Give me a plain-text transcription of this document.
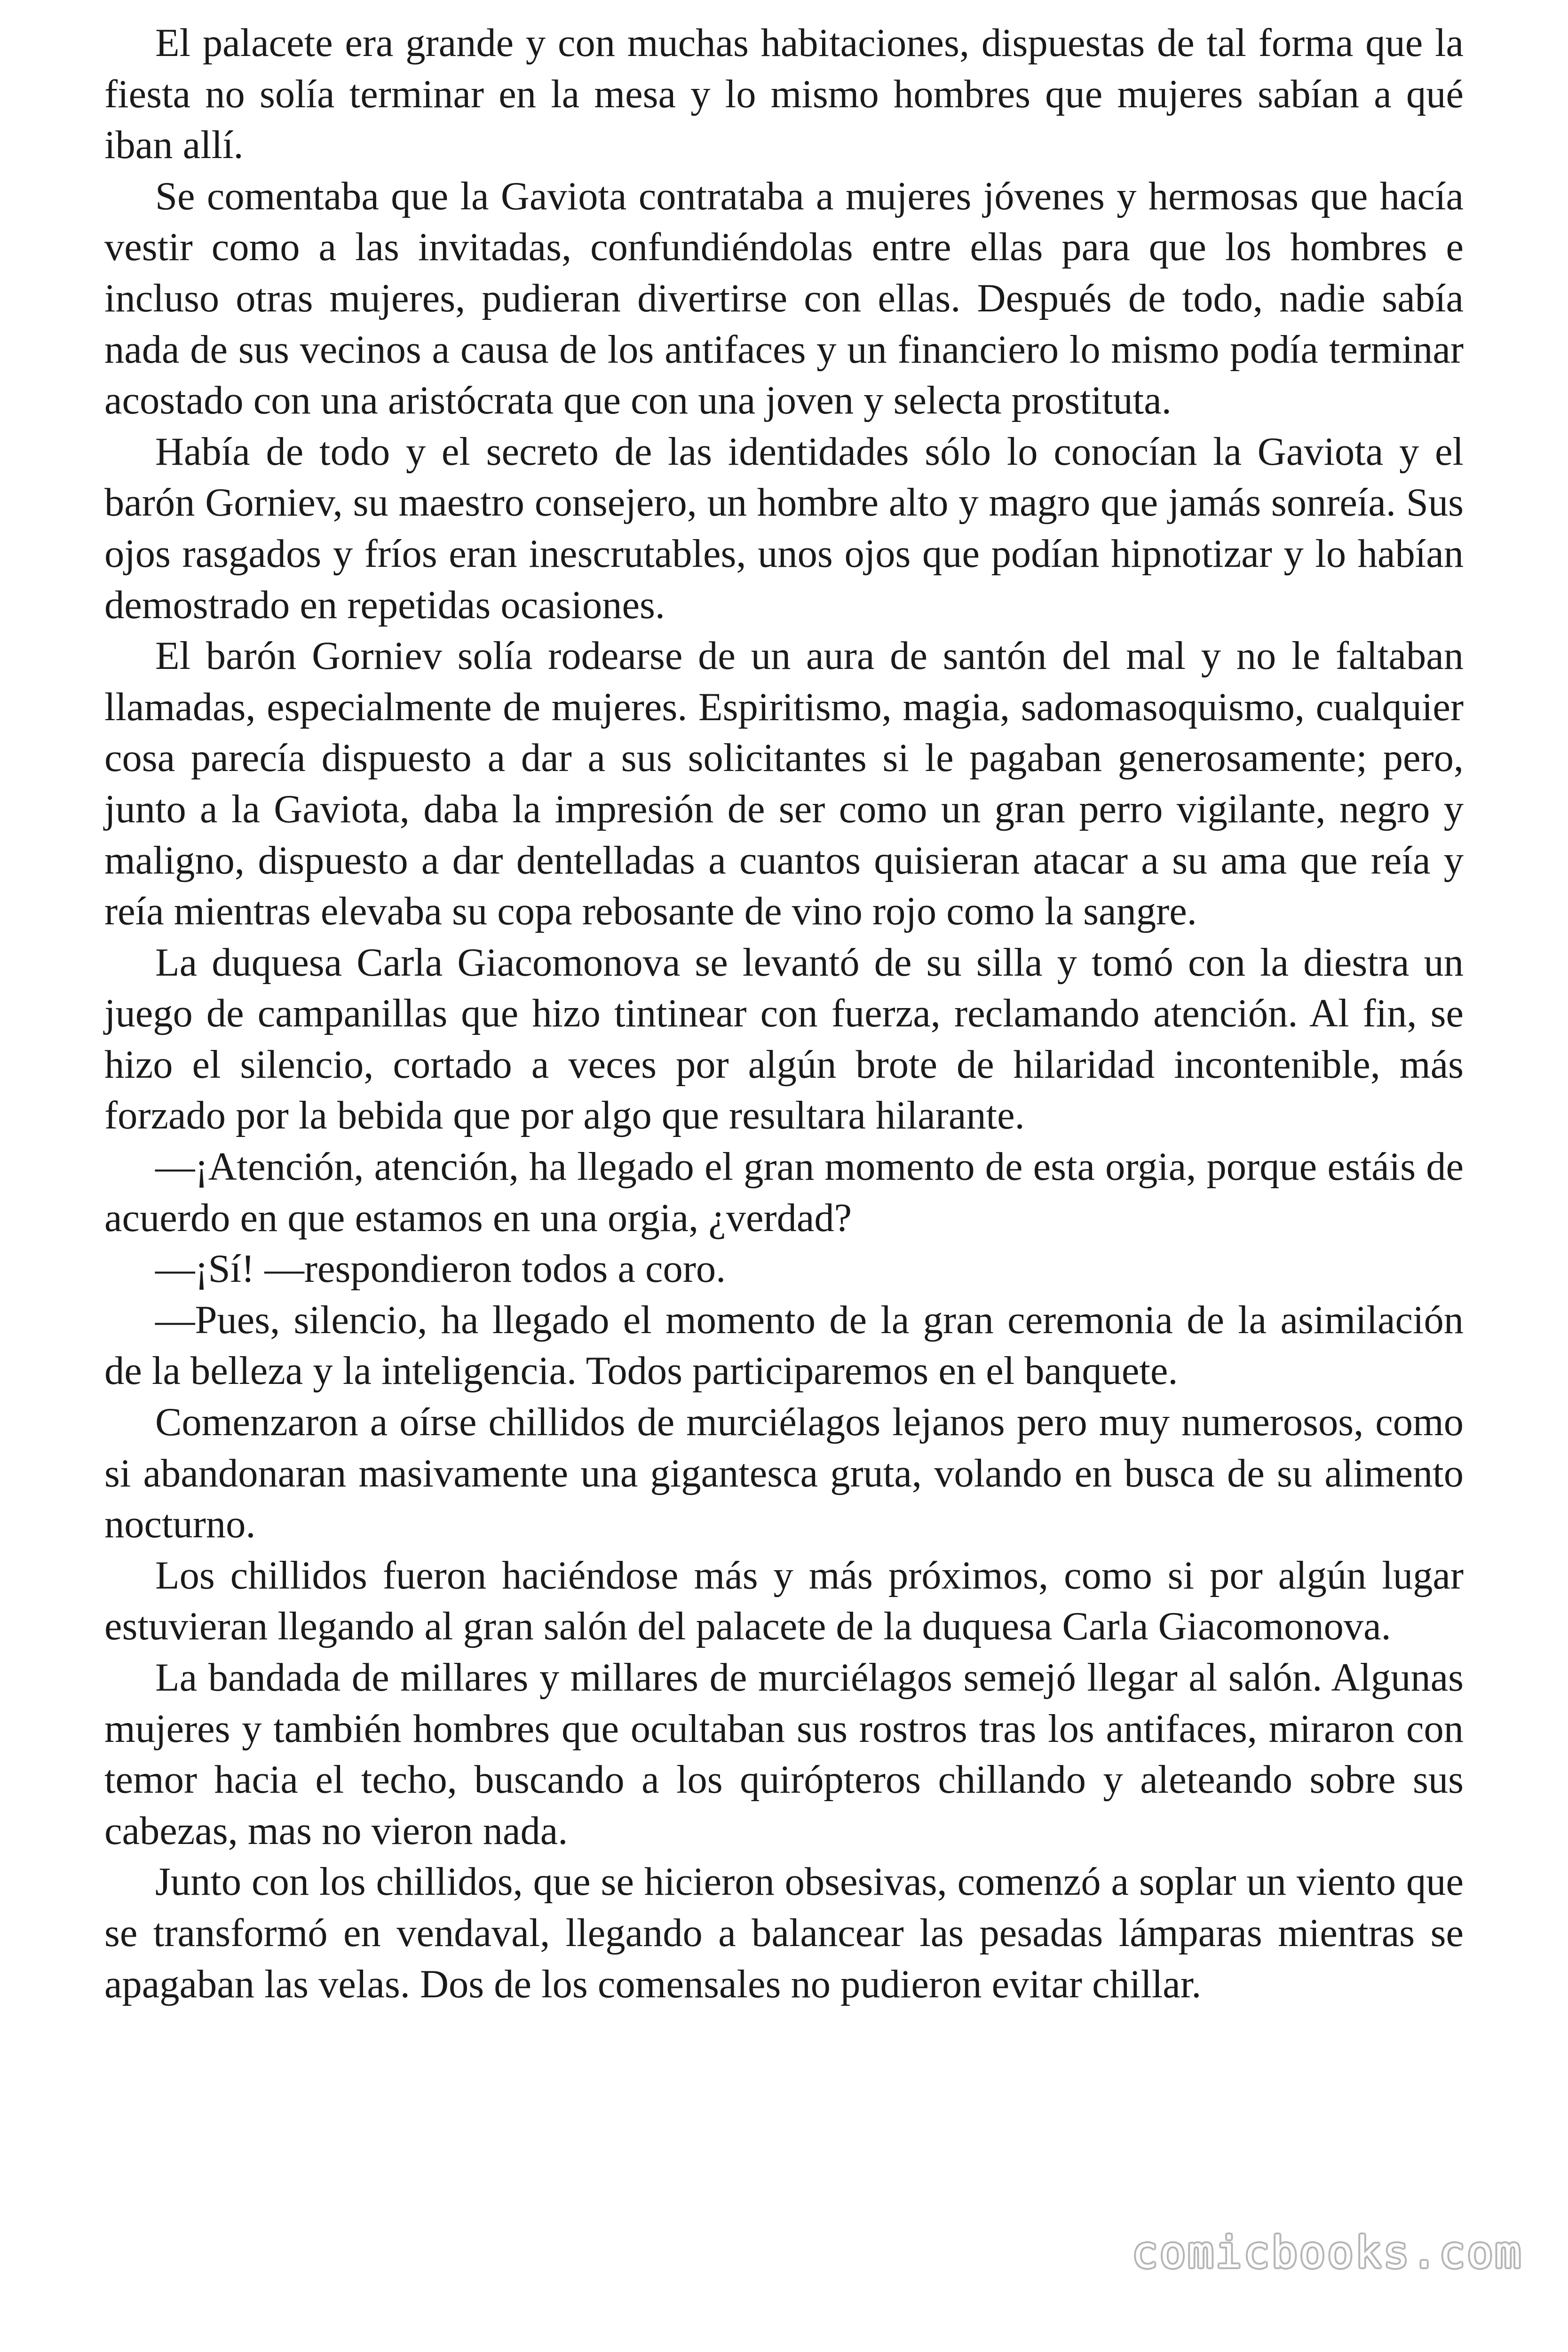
El palacete era grande y con muchas habitaciones, dispuestas de tal forma que la fiesta no solía terminar en la mesa y lo mismo hombres que mujeres sabían a qué iban allí.

Se comentaba que la Gaviota contrataba a mujeres jóvenes y hermosas que hacía vestir como a las invitadas, confundiéndolas entre ellas para que los hombres e incluso otras mujeres, pudieran divertirse con ellas. Después de todo, nadie sabía nada de sus vecinos a causa de los antifaces y un financiero lo mismo podía terminar acostado con una aristócrata que con una joven y selecta prostituta.

Había de todo y el secreto de las identidades sólo lo conocían la Gaviota y el barón Gorniev, su maestro consejero, un hombre alto y magro que jamás sonreía. Sus ojos rasgados y fríos eran inescrutables, unos ojos que podían hipnotizar y lo habían demostrado en repetidas ocasiones.

El barón Gorniev solía rodearse de un aura de santón del mal y no le faltaban llamadas, especialmente de mujeres. Espiritismo, magia, sadomasoquismo, cualquier cosa parecía dispuesto a dar a sus solicitantes si le pagaban generosamente; pero, junto a la Gaviota, daba la impresión de ser como un gran perro vigilante, negro y maligno, dispuesto a dar dentelladas a cuantos quisieran atacar a su ama que reía y reía mientras elevaba su copa rebosante de vino rojo como la sangre.

La duquesa Carla Giacomonova se levantó de su silla y tomó con la diestra un juego de campanillas que hizo tintinear con fuerza, reclamando atención. Al fin, se hizo el silencio, cortado a veces por algún brote de hilaridad incontenible, más forzado por la bebida que por algo que resultara hilarante.

—¡Atención, atención, ha llegado el gran momento de esta orgia, porque estáis de acuerdo en que estamos en una orgia, ¿verdad?

—¡Sí! —respondieron todos a coro.

—Pues, silencio, ha llegado el momento de la gran ceremonia de la asimilación de la belleza y la inteligencia. Todos participaremos en el banquete.

Comenzaron a oírse chillidos de murciélagos lejanos pero muy numerosos, como si abandonaran masivamente una gigantesca gruta, volando en busca de su alimento nocturno.

Los chillidos fueron haciéndose más y más próximos, como si por algún lugar estuvieran llegando al gran salón del palacete de la duquesa Carla Giacomonova.

La bandada de millares y millares de murciélagos semejó llegar al salón. Algunas mujeres y también hombres que ocultaban sus rostros tras los antifaces, miraron con temor hacia el techo, buscando a los quirópteros chillando y aleteando sobre sus cabezas, mas no vieron nada.

Junto con los chillidos, que se hicieron obsesivas, comenzó a soplar un viento que se transformó en vendaval, llegando a balancear las pesadas lámparas mientras se apagaban las velas. Dos de los comensales no pudieron evitar chillar.

comicbooks.com
